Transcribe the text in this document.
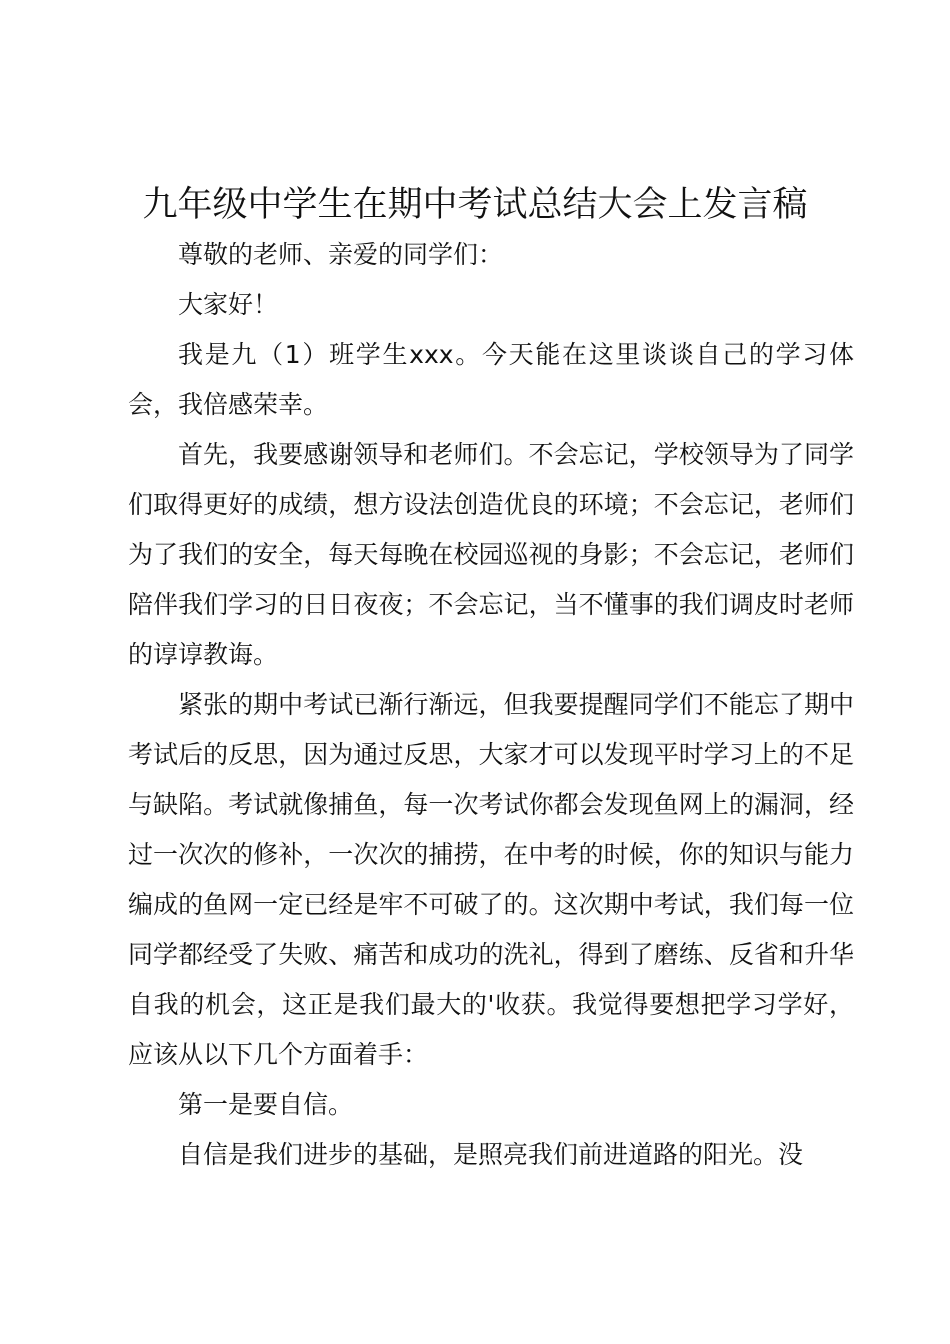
九年级中学生在期中考试总结大会上发言稿

尊敬的老师、亲爱的同学们：

大家好！

我是九（1）班学生xxx。今天能在这里谈谈自己的学习体会，我倍感荣幸。

首先，我要感谢领导和老师们。不会忘记，学校领导为了同学们取得更好的成绩，想方设法创造优良的环境；不会忘记，老师们为了我们的安全，每天每晚在校园巡视的身影；不会忘记，老师们陪伴我们学习的日日夜夜；不会忘记，当不懂事的我们调皮时老师的谆谆教诲。

紧张的期中考试已渐行渐远，但我要提醒同学们不能忘了期中考试后的反思，因为通过反思，大家才可以发现平时学习上的不足与缺陷。考试就像捕鱼，每一次考试你都会发现鱼网上的漏洞，经过一次次的修补，一次次的捕捞，在中考的时候，你的知识与能力编成的鱼网一定已经是牢不可破了的。这次期中考试，我们每一位同学都经受了失败、痛苦和成功的洗礼，得到了磨练、反省和升华自我的机会，这正是我们最大的'收获。我觉得要想把学习学好，应该从以下几个方面着手：

第一是要自信。

自信是我们进步的基础，是照亮我们前进道路的阳光。没
